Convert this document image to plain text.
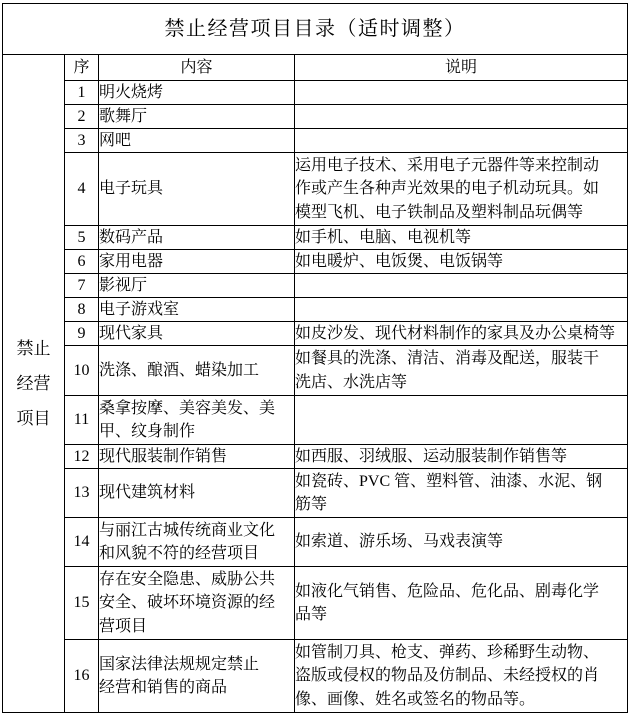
禁止经营项目目录（适时调整）			
禁止经营项目	序	内容	说明
	1	明火烧烤	
	2	歌舞厅	
	3	网吧	
	4	电子玩具	运用电子技术、采用电子元器件等来控制动
作或产生各种声光效果的电子机动玩具。如
模型飞机、电子铁制品及塑料制品玩偶等
	5	数码产品	如手机、电脑、电视机等
	6	家用电器	如电暖炉、电饭煲、电饭锅等
	7	影视厅	
	8	电子游戏室	
	9	现代家具	如皮沙发、现代材料制作的家具及办公桌椅等
	10	洗涤、酿酒、蜡染加工	如餐具的洗涤、清洁、消毒及配送，服装干
洗店、水洗店等
	11	桑拿按摩、美容美发、美
甲、纹身制作	
	12	现代服装制作销售	如西服、羽绒服、运动服装制作销售等
	13	现代建筑材料	如瓷砖、PVC 管、塑料管、油漆、水泥、钢
筋等
	14	与丽江古城传统商业文化
和风貌不符的经营项目	如索道、游乐场、马戏表演等
	15	存在安全隐患、威胁公共
安全、破坏环境资源的经
营项目	如液化气销售、危险品、危化品、剧毒化学
品等
	16	国家法律法规规定禁止
经营和销售的商品	如管制刀具、枪支、弹药、珍稀野生动物、
盗版或侵权的物品及仿制品、未经授权的肖
像、画像、姓名或签名的物品等。
